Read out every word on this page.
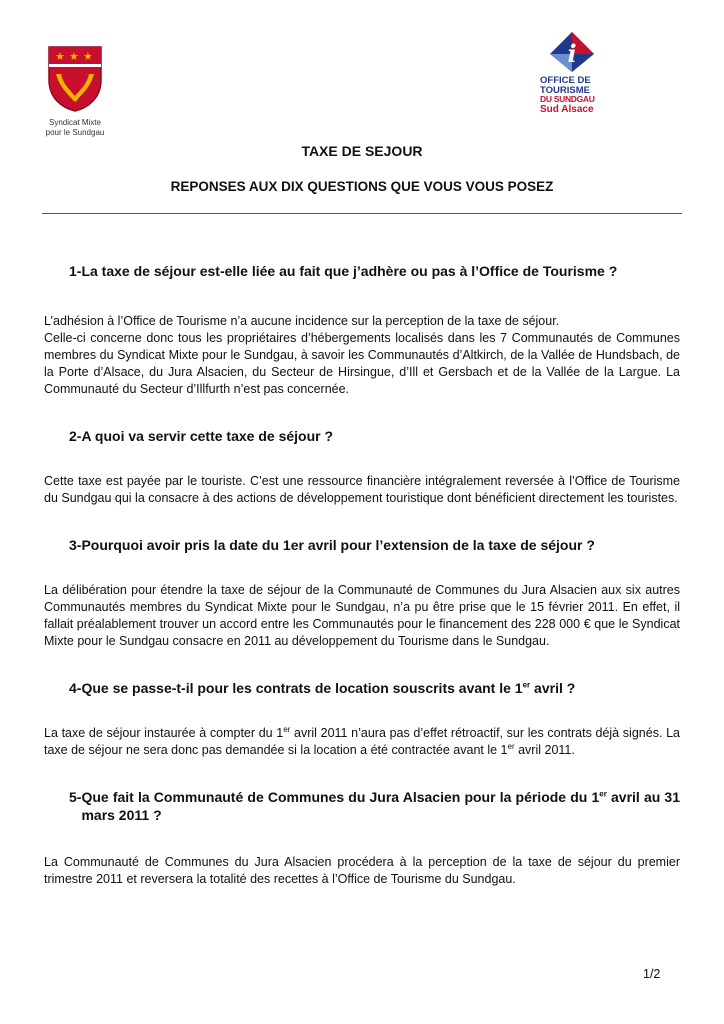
★ ★ ★
Syndicat Mixte
pour le Sundgau
i
OFFICE DE
TOURISME
DU SUNDGAU
Sud Alsace
TAXE DE SEJOUR
REPONSES AUX DIX QUESTIONS QUE VOUS VOUS POSEZ
1- La taxe de séjour est-elle liée au fait que j’adhère ou pas à l’Office de Tourisme ?

L’adhésion à l’Office de Tourisme n’a aucune incidence sur la perception de la taxe de séjour.

Celle-ci concerne donc tous les propriétaires d’hébergements localisés dans les 7 Communautés de Communes membres du Syndicat Mixte pour le Sundgau, à savoir les Communautés d’Altkirch, de la Vallée de Hundsbach, de la Porte d’Alsace, du Jura Alsacien, du Secteur de Hirsingue, d’Ill et Gersbach et de la Vallée de la Largue. La Communauté du Secteur d’Illfurth n’est pas concernée.

2- A quoi va servir cette taxe de séjour ?

Cette taxe est payée par le touriste. C’est une ressource financière intégralement reversée à l’Office de Tourisme du Sundgau qui la consacre à des actions de développement touristique dont bénéficient directement les touristes.

3- Pourquoi avoir pris la date du 1er avril pour l’extension de la taxe de séjour ?

La délibération pour étendre la taxe de séjour de la Communauté de Communes du Jura Alsacien aux six autres Communautés membres du Syndicat Mixte pour le Sundgau, n’a pu être prise que le 15 février 2011. En effet, il fallait préalablement trouver un accord entre les Communautés pour le financement des 228 000 € que le Syndicat Mixte pour le Sundgau consacre en 2011 au développement du Tourisme dans le Sundgau.

4- Que se passe-t-il pour les contrats de location souscrits avant le 1er avril ?

La taxe de séjour instaurée à compter du 1er avril 2011 n’aura pas d’effet rétroactif, sur les contrats déjà signés. La taxe de séjour ne sera donc pas demandée si la location a été contractée avant le 1er avril 2011.

5- Que fait la Communauté de Communes du Jura Alsacien pour la période du 1er avril au 31 mars 2011 ?

La Communauté de Communes du Jura Alsacien procédera à la perception de la taxe de séjour du premier trimestre 2011 et reversera la totalité des recettes à l’Office de Tourisme du Sundgau.

1/2
